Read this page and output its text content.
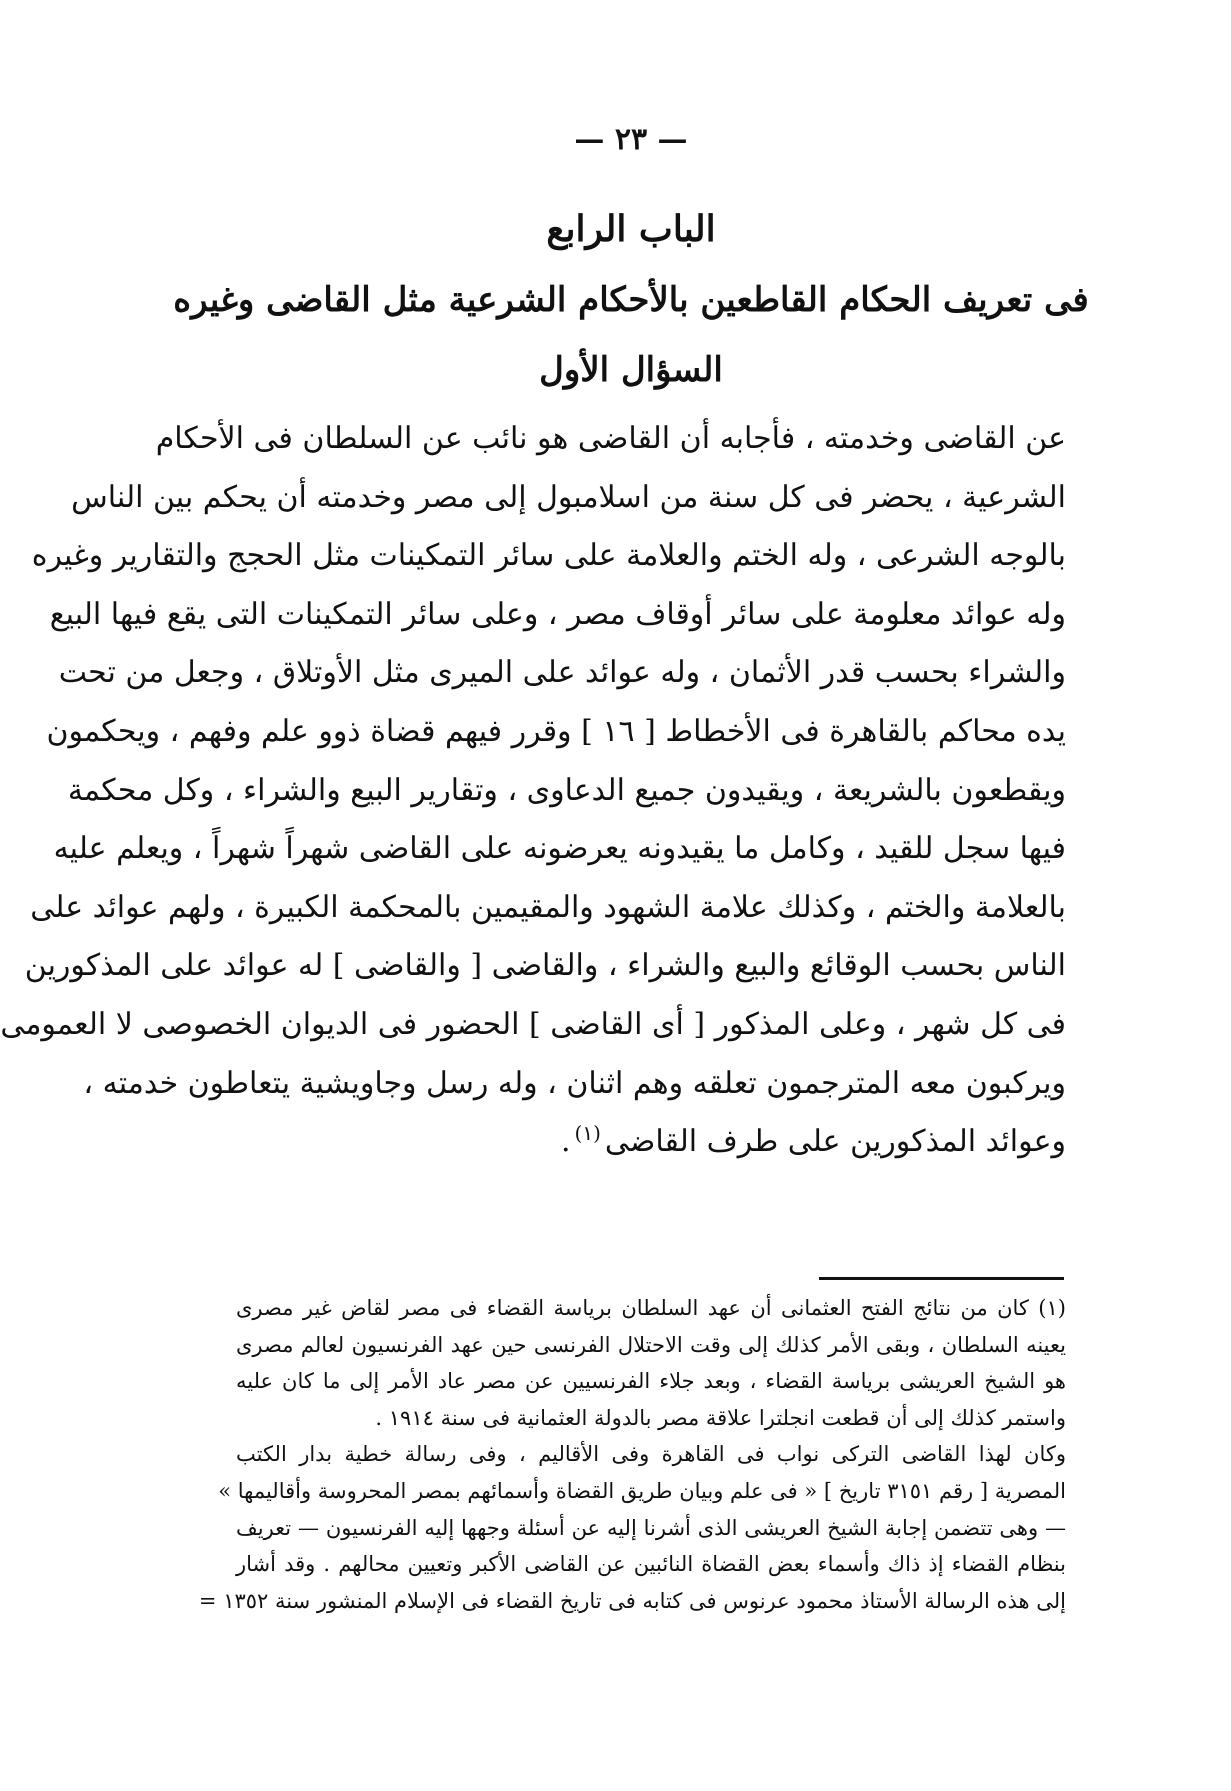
— ٢٣ —
الباب الرابع
فى تعريف الحكام القاطعين بالأحكام الشرعية مثل القاضى وغيره
السؤال الأول
عن القاضى وخدمته ، فأجابه أن القاضى هو نائب عن السلطان فى الأحكام
الشرعية ، يحضر فى كل سنة من اسلامبول إلى مصر وخدمته أن يحكم بين الناس
بالوجه الشرعى ، وله الختم والعلامة على سائر التمكينات مثل الحجج والتقارير وغيره
وله عوائد معلومة على سائر أوقاف مصر ، وعلى سائر التمكينات التى يقع فيها البيع
والشراء بحسب قدر الأثمان ، وله عوائد على الميرى مثل الأوتلاق ، وجعل من تحت
يده محاكم بالقاهرة فى الأخطاط [ ١٦ ] وقرر فيهم قضاة ذوو علم وفهم ، ويحكمون
ويقطعون بالشريعة ، ويقيدون جميع الدعاوى ، وتقارير البيع والشراء ، وكل محكمة
فيها سجل للقيد ، وكامل ما يقيدونه يعرضونه على القاضى شهراً شهراً ، ويعلم عليه
بالعلامة والختم ، وكذلك علامة الشهود والمقيمين بالمحكمة الكبيرة ، ولهم عوائد على
الناس بحسب الوقائع والبيع والشراء ، والقاضى [ والقاضى ] له عوائد على المذكورين
فى كل شهر ، وعلى المذكور [ أى القاضى ] الحضور فى الديوان الخصوصى لا العمومى
ويركبون معه المترجمون تعلقه وهم اثنان ، وله رسل وجاويشية يتعاطون خدمته ،
وعوائد المذكورين على طرف القاضى$^{(١)}$.
(١) كان من نتائج الفتح العثمانى أن عهد السلطان برياسة القضاء فى مصر لقاض غير مصرى
يعينه السلطان ، وبقى الأمر كذلك إلى وقت الاحتلال الفرنسى حين عهد الفرنسيون لعالم مصرى
هو الشيخ العريشى برياسة القضاء ، وبعد جلاء الفرنسيين عن مصر عاد الأمر إلى ما كان عليه
واستمر كذلك إلى أن قطعت انجلترا علاقة مصر بالدولة العثمانية فى سنة ١٩١٤ .
وكان لهذا القاضى التركى نواب فى القاهرة وفى الأقاليم ، وفى رسالة خطية بدار الكتب
المصرية [ رقم ٣١٥١ تاريخ ] « فى علم وبيان طريق القضاة وأسمائهم بمصر المحروسة وأقاليمها »
— وهى تتضمن إجابة الشيخ العريشى الذى أشرنا إليه عن أسئلة وجهها إليه الفرنسيون — تعريف
بنظام القضاء إذ ذاك وأسماء بعض القضاة النائبين عن القاضى الأكبر وتعيين محالهم . وقد أشار
إلى هذه الرسالة الأستاذ محمود عرنوس فى كتابه فى تاريخ القضاء فى الإسلام المنشور سنة ١٣٥٢ =
